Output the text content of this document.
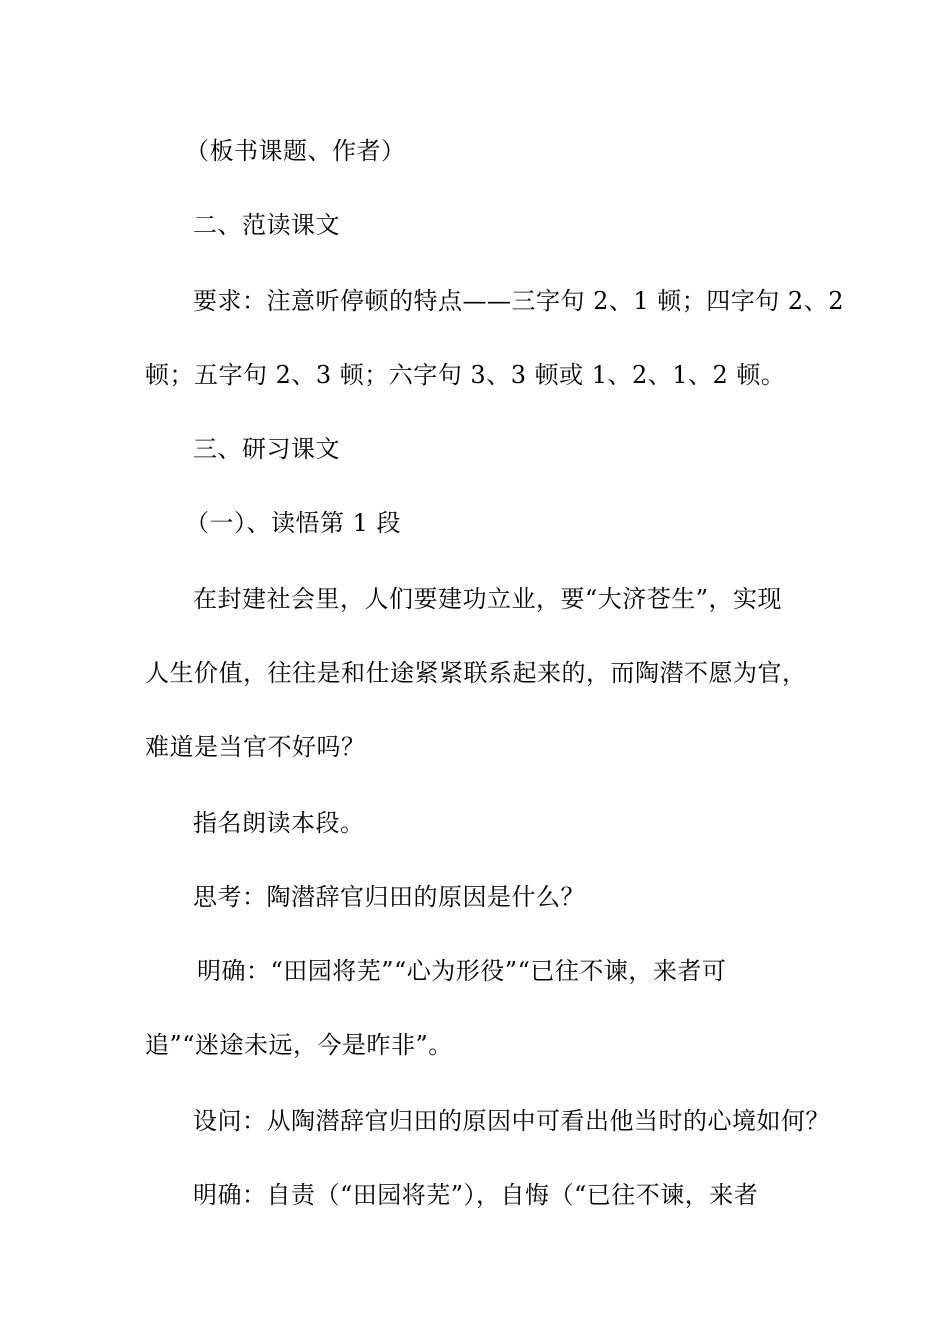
（板书课题、作者）
二、范读课文
要求：注意听停顿的特点——三字句 2、1 顿；四字句 2、2
顿；五字句 2、3 顿；六字句 3、3 顿或 1、2、1、2 顿。
三、研习课文
（一）、读悟第 1 段
在封建社会里，人们要建功立业，要“大济苍生”，实现
人生价值，往往是和仕途紧紧联系起来的，而陶潜不愿为官，
难道是当官不好吗？
指名朗读本段。
思考：陶潜辞官归田的原因是什么？
明确：“田园将芜”“心为形役”“已往不谏，来者可
追”“迷途未远，今是昨非”。
设问：从陶潜辞官归田的原因中可看出他当时的心境如何？
明确：自责（“田园将芜”），自悔（“已往不谏，来者
